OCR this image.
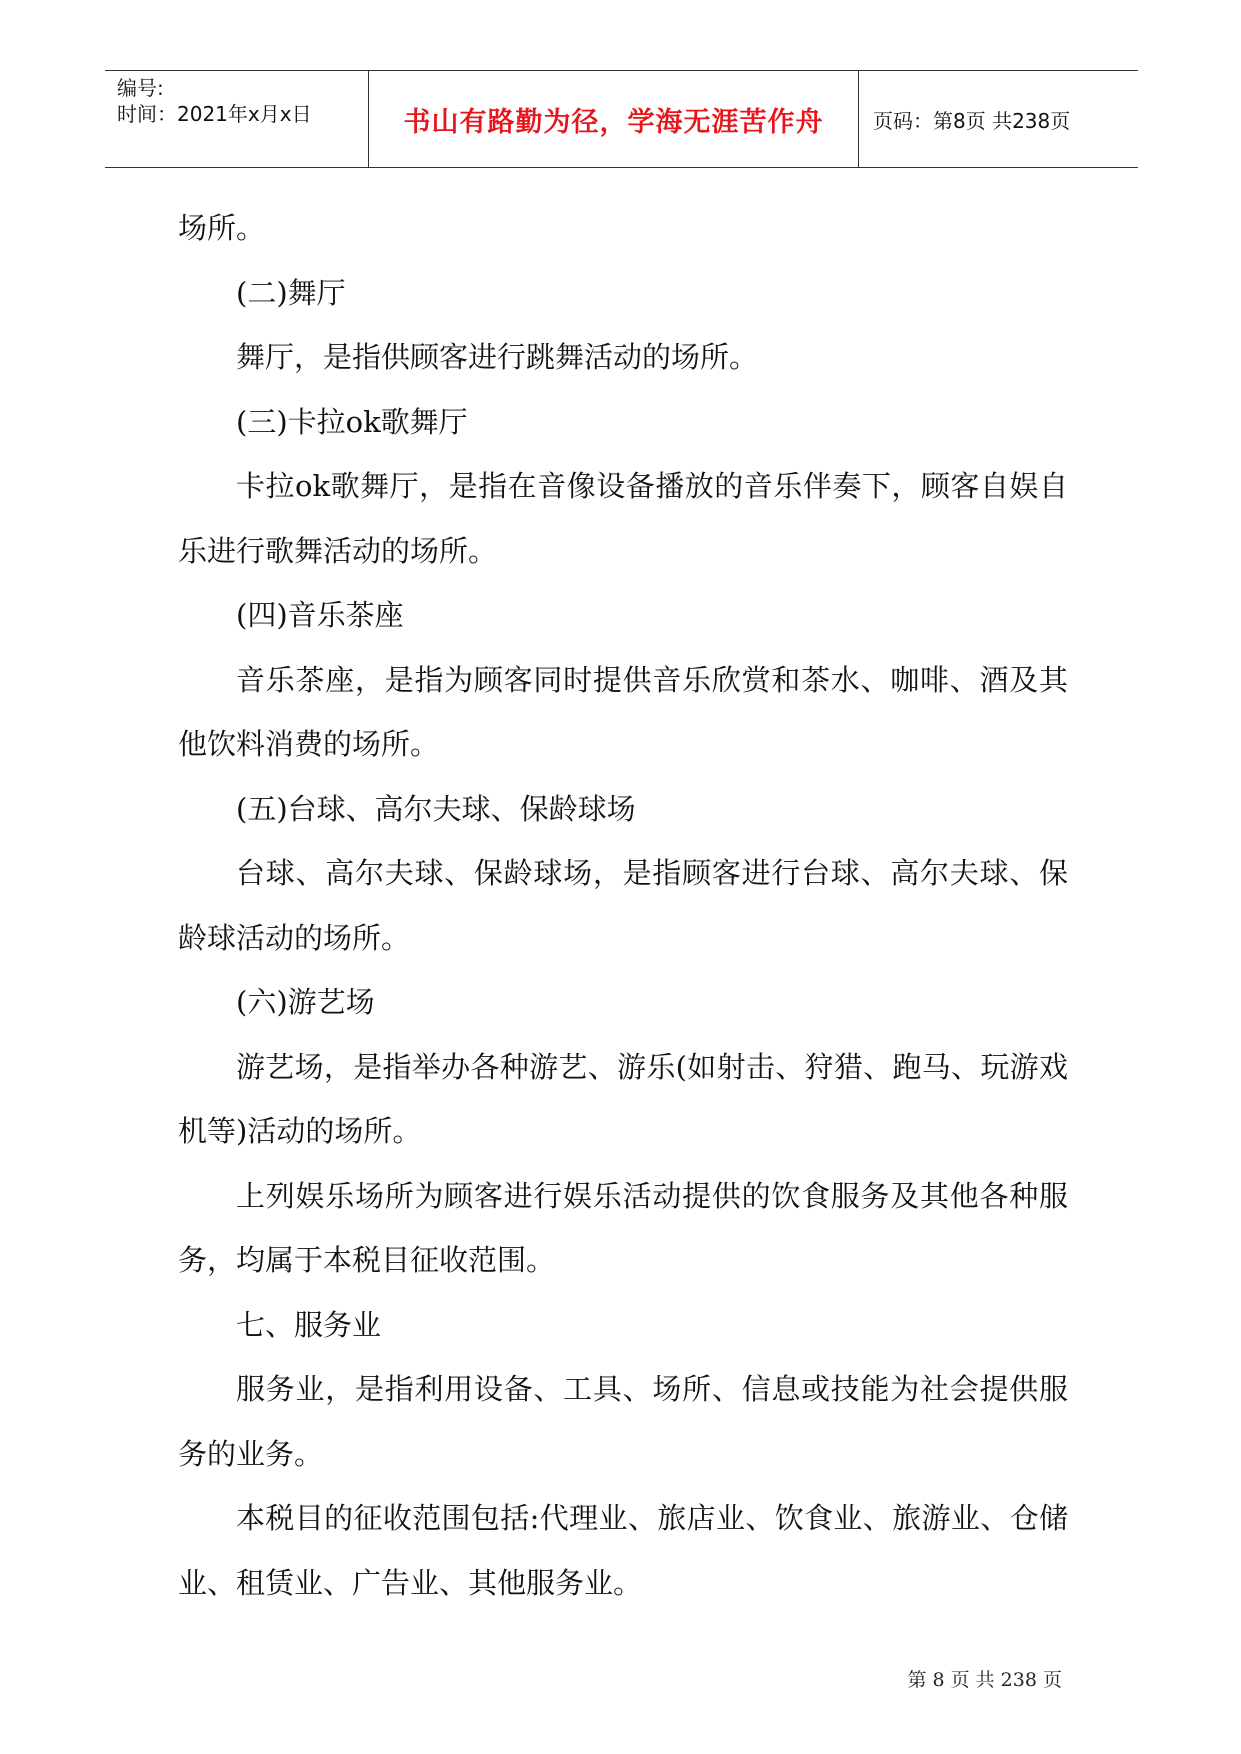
编号:
时间：2021年x月x日	书山有路勤为径，学海无涯苦作舟	页码：第8页 共238页

场所。

(二)舞厅

舞厅，是指供顾客进行跳舞活动的场所。

(三)卡拉ok歌舞厅

卡拉ok歌舞厅，是指在音像设备播放的音乐伴奏下，顾客自娱自乐进行歌舞活动的场所。

(四)音乐茶座

音乐茶座，是指为顾客同时提供音乐欣赏和茶水、咖啡、酒及其他饮料消费的场所。

(五)台球、高尔夫球、保龄球场

台球、高尔夫球、保龄球场，是指顾客进行台球、高尔夫球、保龄球活动的场所。

(六)游艺场

游艺场，是指举办各种游艺、游乐(如射击、狩猎、跑马、玩游戏机等)活动的场所。

上列娱乐场所为顾客进行娱乐活动提供的饮食服务及其他各种服务，均属于本税目征收范围。

七、服务业

服务业，是指利用设备、工具、场所、信息或技能为社会提供服务的业务。

本税目的征收范围包括:代理业、旅店业、饮食业、旅游业、仓储业、租赁业、广告业、其他服务业。

第 8 页 共 238 页
